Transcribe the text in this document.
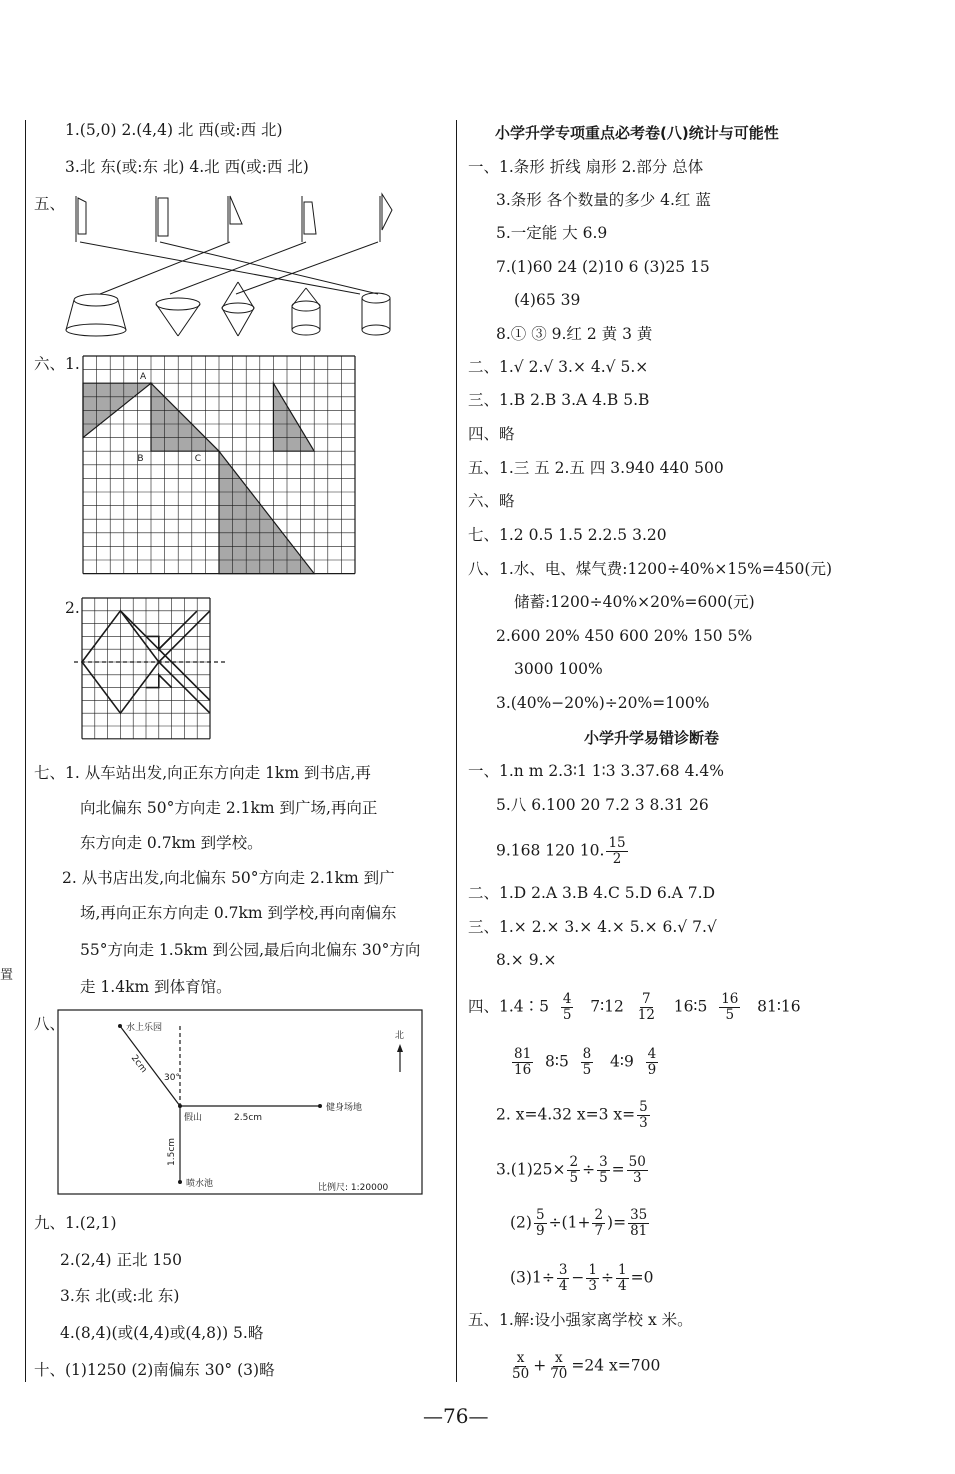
1.(5,0) 2.(4,4) 北 西(或:西 北)
3.北 东(或:东 北) 4.北 西(或:西 北)
五、
六、1.
A
B	C
2.
七、1. 从车站出发,向正东方向走 1km 到书店,再
向北偏东 50°方向走 2.1km 到广场,再向正
东方向走 0.7km 到学校。
2. 从书店出发,向北偏东 50°方向走 2.1km 到广
场,再向正东方向走 0.7km 到学校,再向南偏东
55°方向走 1.5km 到公园,最后向北偏东 30°方向
走 1.4km 到体育馆。
八、	水上乐园
北
2cm
30°
假山	2.5cm
健身场地
1.5cm
喷水池	比例尺: 1:20000
九、1.(2,1)
2.(2,4) 正北 150
3.东 北(或:北 东)
4.(8,4)(或(4,4)或(4,8)) 5.略
十、(1)1250 (2)南偏东 30° (3)略
置
小学升学专项重点必考卷(八)统计与可能性
一、1.条形 折线 扇形 2.部分 总体
3.条形 各个数量的多少 4.红 蓝
5.一定能 大 6.9
7.(1)60 24 (2)10 6 (3)25 15
(4)65 39
8.① ③ 9.红 2 黄 3 黄
二、1.√ 2.√ 3.× 4.√ 5.×
三、1.B 2.B 3.A 4.B 5.B
四、略
五、1.三 五 2.五 四 3.940 440 500
六、略
七、1.2 0.5 1.5 2.2.5 3.20
八、1.水、电、煤气费:1200÷40%×15%=450(元)
储蓄:1200÷40%×20%=600(元)
2.600 20% 450 600 20% 150 5%
3000 100%
3.(40%−20%)÷20%=100%
小学升学易错诊断卷
一、1.n m 2.3∶1 1∶3 3.37.68 4.4%
5.八 6.100 20 7.2 3 8.31 26
9.168 120 10. $\frac{15}{2}$
二、1.D 2.A 3.B 4.C 5.D 6.A 7.D
三、1.× 2.× 3.× 4.× 5.× 6.√ 7.√
8.× 9.×
四、1.4∶5 $\frac{4}{5}$ 7∶12 $\frac{7}{12}$ 16∶5 $\frac{16}{5}$ 81∶16
$\frac{81}{16}$ 8∶5 $\frac{8}{5}$ 4∶9 $\frac{4}{9}$
2. x=4.32 x=3 $x= \frac{5}{3}$
$3.(1)25\times \frac{2}{5} \div \frac{3}{5} = \frac{50}{3}$
$(2) \frac{5}{9} \div(1+ \frac{2}{7}$ )= $\frac{35}{81}$
$(3)1\div \frac{3}{4} - \frac{1}{3} \div \frac{1}{4} =0$
五、1.解:设小强家离学校 x 米。
$\frac{x}{50} + \frac{x}{70} =24$ x=700
—76—
